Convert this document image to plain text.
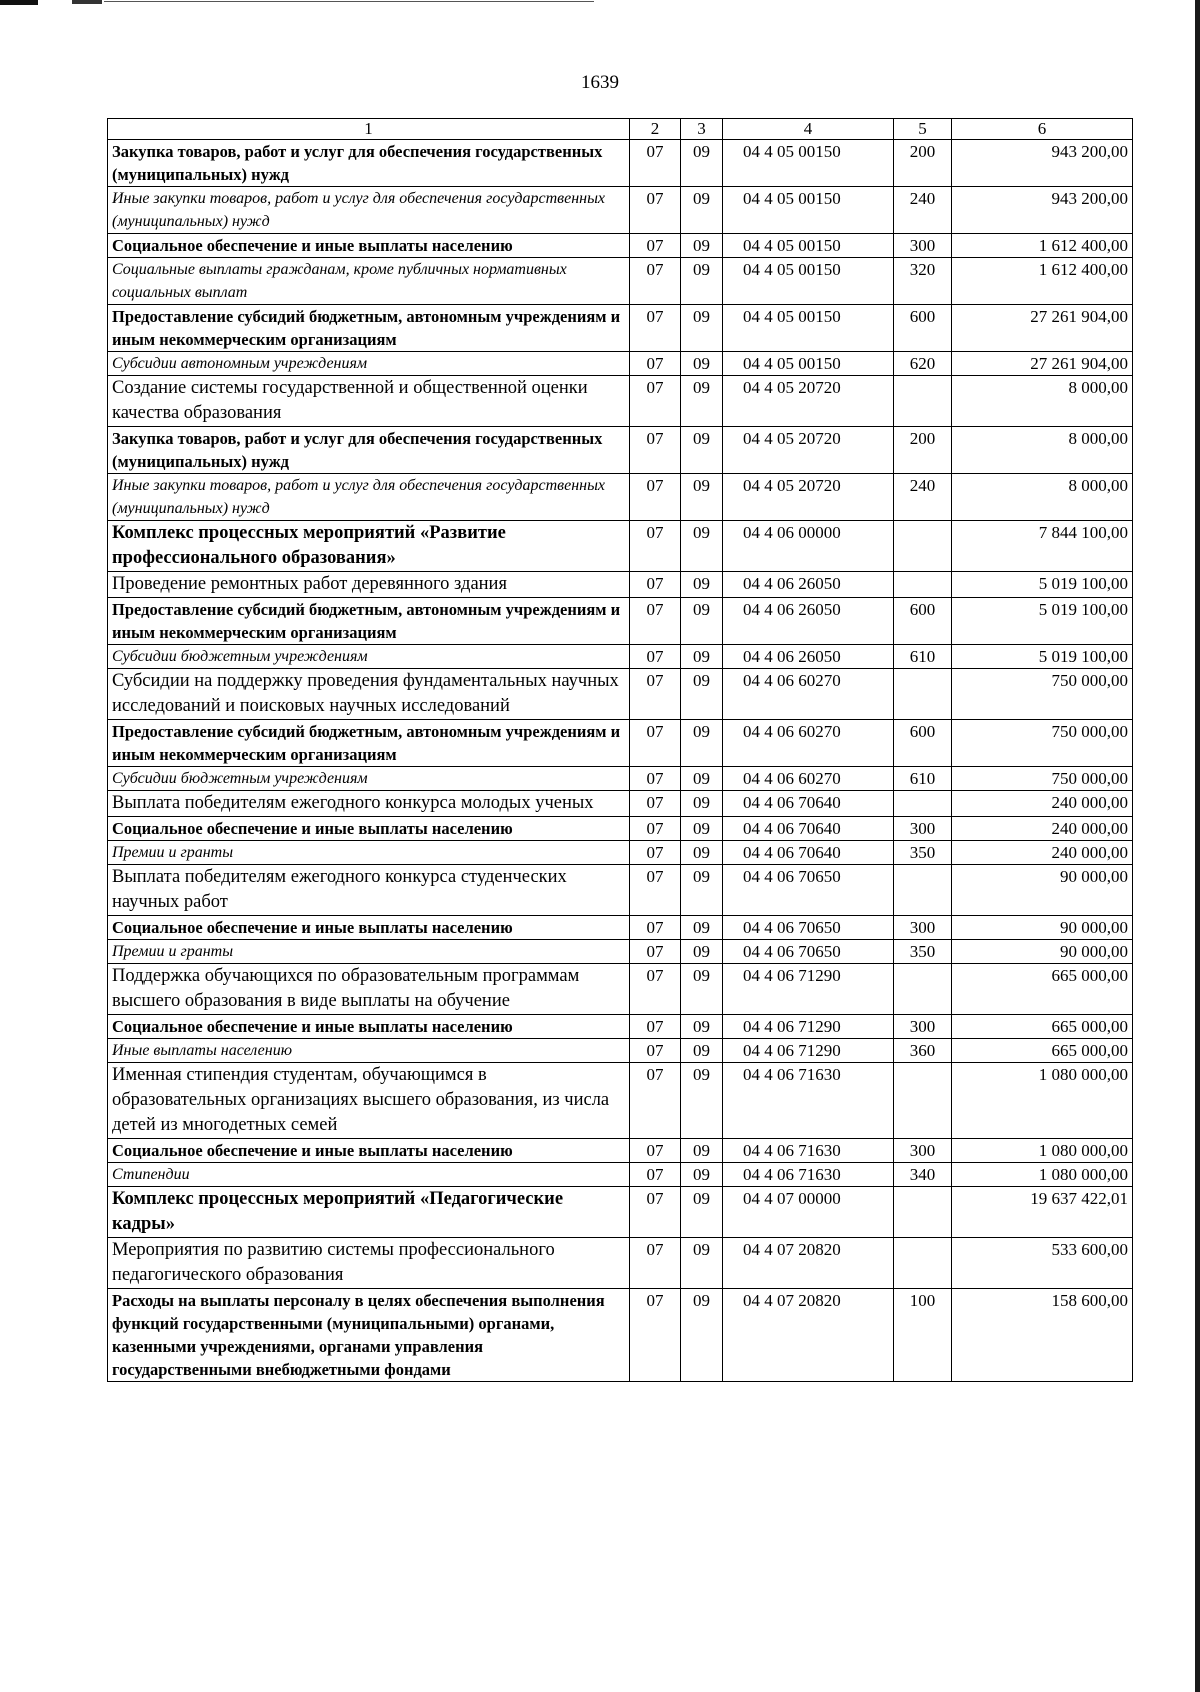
1639
1	2	3	4	5	6
Закупка товаров, работ и услуг для обеспечения государственных (муниципальных) нужд	07	09	04 4 05 00150	200	943 200,00
Иные закупки товаров, работ и услуг для обеспечения государственных (муниципальных) нужд	07	09	04 4 05 00150	240	943 200,00
Социальное обеспечение и иные выплаты населению	07	09	04 4 05 00150	300	1 612 400,00
Социальные выплаты гражданам, кроме публичных нормативных социальных выплат	07	09	04 4 05 00150	320	1 612 400,00
Предоставление субсидий бюджетным, автономным учреждениям и иным некоммерческим организациям	07	09	04 4 05 00150	600	27 261 904,00
Субсидии автономным учреждениям	07	09	04 4 05 00150	620	27 261 904,00
Создание системы государственной и общественной оценки качества образования	07	09	04 4 05 20720		8 000,00
Закупка товаров, работ и услуг для обеспечения государственных (муниципальных) нужд	07	09	04 4 05 20720	200	8 000,00
Иные закупки товаров, работ и услуг для обеспечения государственных (муниципальных) нужд	07	09	04 4 05 20720	240	8 000,00
Комплекс процессных мероприятий «Развитие профессионального образования»	07	09	04 4 06 00000		7 844 100,00
Проведение ремонтных работ деревянного здания	07	09	04 4 06 26050		5 019 100,00
Предоставление субсидий бюджетным, автономным учреждениям и иным некоммерческим организациям	07	09	04 4 06 26050	600	5 019 100,00
Субсидии бюджетным учреждениям	07	09	04 4 06 26050	610	5 019 100,00
Субсидии на поддержку проведения фундаментальных научных исследований и поисковых научных исследований	07	09	04 4 06 60270		750 000,00
Предоставление субсидий бюджетным, автономным учреждениям и иным некоммерческим организациям	07	09	04 4 06 60270	600	750 000,00
Субсидии бюджетным учреждениям	07	09	04 4 06 60270	610	750 000,00
Выплата победителям ежегодного конкурса молодых ученых	07	09	04 4 06 70640		240 000,00
Социальное обеспечение и иные выплаты населению	07	09	04 4 06 70640	300	240 000,00
Премии и гранты	07	09	04 4 06 70640	350	240 000,00
Выплата победителям ежегодного конкурса студенческих научных работ	07	09	04 4 06 70650		90 000,00
Социальное обеспечение и иные выплаты населению	07	09	04 4 06 70650	300	90 000,00
Премии и гранты	07	09	04 4 06 70650	350	90 000,00
Поддержка обучающихся по образовательным программам высшего образования в виде выплаты на обучение	07	09	04 4 06 71290		665 000,00
Социальное обеспечение и иные выплаты населению	07	09	04 4 06 71290	300	665 000,00
Иные выплаты населению	07	09	04 4 06 71290	360	665 000,00
Именная стипендия студентам, обучающимся в образовательных организациях высшего образования, из числа детей из многодетных семей	07	09	04 4 06 71630		1 080 000,00
Социальное обеспечение и иные выплаты населению	07	09	04 4 06 71630	300	1 080 000,00
Стипендии	07	09	04 4 06 71630	340	1 080 000,00
Комплекс процессных мероприятий «Педагогические кадры»	07	09	04 4 07 00000		19 637 422,01
Мероприятия по развитию системы профессионального педагогического образования	07	09	04 4 07 20820		533 600,00
Расходы на выплаты персоналу в целях обеспечения выполнения функций государственными (муниципальными) органами, казенными учреждениями, органами управления государственными внебюджетными фондами	07	09	04 4 07 20820	100	158 600,00
